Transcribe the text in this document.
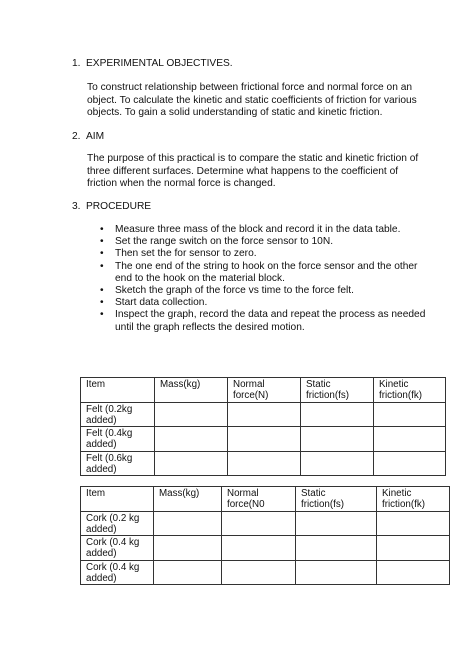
1. EXPERIMENTAL OBJECTIVES.
To construct relationship between frictional force and normal force on an object. To calculate the kinetic and static coefficients of friction for various objects. To gain a solid understanding of static and kinetic friction.
2. AIM
The purpose of this practical is to compare the static and kinetic friction of three different surfaces. Determine what happens to the coefficient of friction when the normal force is changed.
3. PROCEDURE
• Measure three mass of the block and record it in the data table.
• Set the range switch on the force sensor to 10N.
• Then set the for sensor to zero.
• The one end of the string to hook on the force sensor and the other end to the hook on the material block.
• Sketch the graph of the force vs time to the force felt.
• Start data collection.
• Inspect the graph, record the data and repeat the process as needed until the graph reflects the desired motion.
Item	Mass(kg)	Normal force(N)	Static friction(fs)	Kinetic friction(fk)
Felt (0.2kg added)				
Felt (0.4kg added)				
Felt (0.6kg added)				
Item	Mass(kg)	Normal force(N0	Static friction(fs)	Kinetic friction(fk)
Cork (0.2 kg added)				
Cork (0.4 kg added)				
Cork (0.4 kg added)				
